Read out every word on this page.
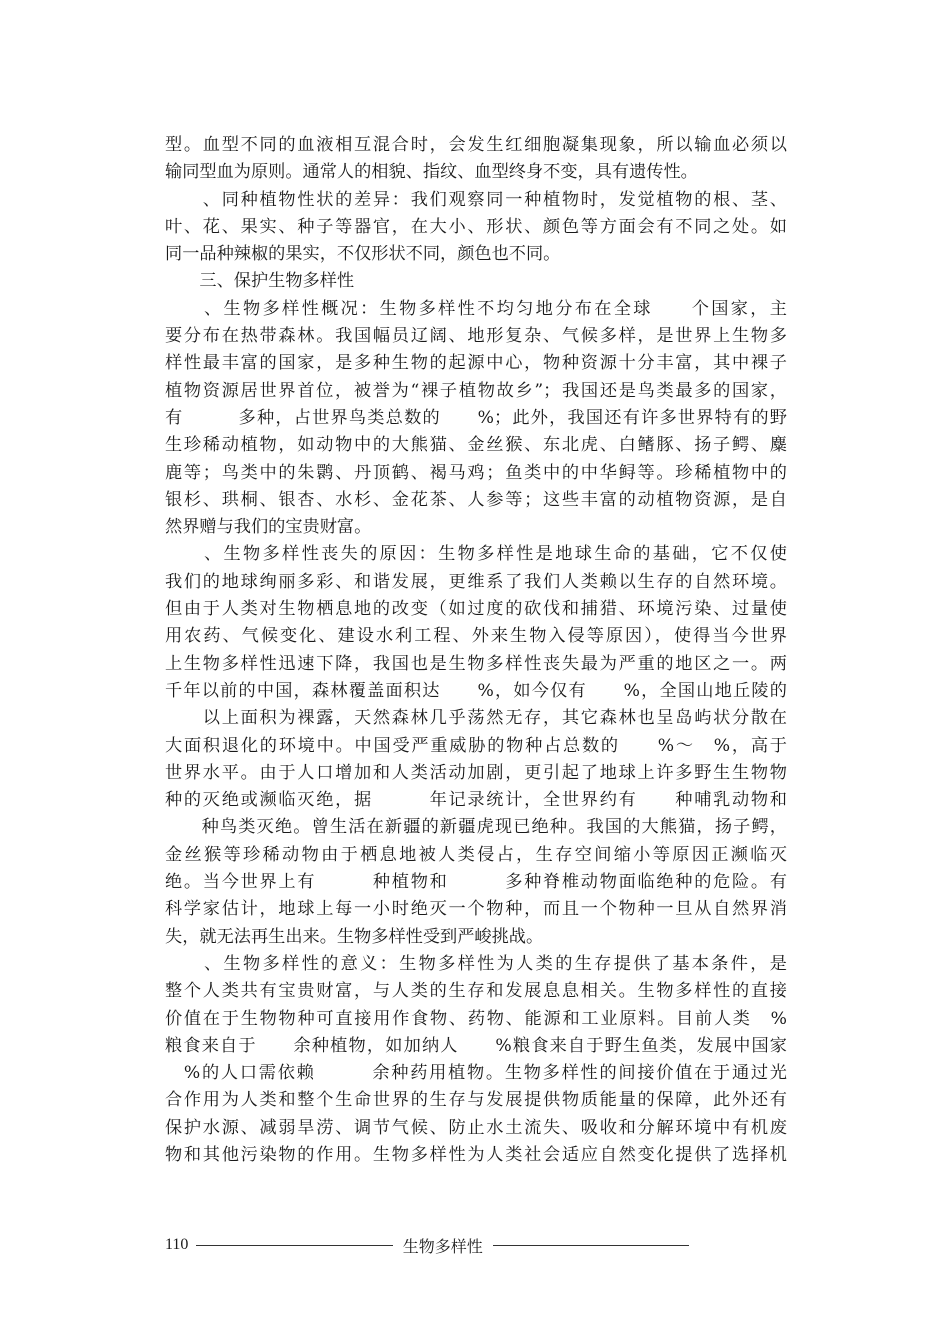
型。血型不同的血液相互混合时，会发生红细胞凝集现象，所以输血必须以
输同型血为原则。通常人的相貌、指纹、血型终身不变，具有遗传性。
　　、同种植物性状的差异：我们观察同一种植物时，发觉植物的根、茎、
叶、花、果实、种子等器官，在大小、形状、颜色等方面会有不同之处。如
同一品种辣椒的果实，不仅形状不同，颜色也不同。
　　三、保护生物多样性
　　、生物多样性概况：生物多样性不均匀地分布在全球　　个国家，主
要分布在热带森林。我国幅员辽阔、地形复杂、气候多样，是世界上生物多
样性最丰富的国家，是多种生物的起源中心，物种资源十分丰富，其中裸子
植物资源居世界首位，被誉为“裸子植物故乡”；我国还是鸟类最多的国家，
有　　　多种，占世界鸟类总数的　　%；此外，我国还有许多世界特有的野
生珍稀动植物，如动物中的大熊猫、金丝猴、东北虎、白鳍豚、扬子鳄、麋
鹿等；鸟类中的朱鹮、丹顶鹤、褐马鸡；鱼类中的中华鲟等。珍稀植物中的
银杉、珙桐、银杏、水杉、金花茶、人参等；这些丰富的动植物资源，是自
然界赠与我们的宝贵财富。
　　、生物多样性丧失的原因：生物多样性是地球生命的基础，它不仅使
我们的地球绚丽多彩、和谐发展，更维系了我们人类赖以生存的自然环境。
但由于人类对生物栖息地的改变（如过度的砍伐和捕猎、环境污染、过量使
用农药、气候变化、建设水利工程、外来生物入侵等原因），使得当今世界
上生物多样性迅速下降，我国也是生物多样性丧失最为严重的地区之一。两
千年以前的中国，森林覆盖面积达　　%，如今仅有　　%，全国山地丘陵的
　　以上面积为裸露，天然森林几乎荡然无存，其它森林也呈岛屿状分散在
大面积退化的环境中。中国受严重威胁的物种占总数的　　%～　%，高于
世界水平。由于人口增加和人类活动加剧，更引起了地球上许多野生生物物
种的灭绝或濒临灭绝，据　　　年记录统计，全世界约有　　种哺乳动物和
　　种鸟类灭绝。曾生活在新疆的新疆虎现已绝种。我国的大熊猫，扬子鳄，
金丝猴等珍稀动物由于栖息地被人类侵占，生存空间缩小等原因正濒临灭
绝。当今世界上有　　　种植物和　　　多种脊椎动物面临绝种的危险。有
科学家估计，地球上每一小时绝灭一个物种，而且一个物种一旦从自然界消
失，就无法再生出来。生物多样性受到严峻挑战。
　　、生物多样性的意义：生物多样性为人类的生存提供了基本条件，是
整个人类共有宝贵财富，与人类的生存和发展息息相关。生物多样性的直接
价值在于生物物种可直接用作食物、药物、能源和工业原料。目前人类　%
粮食来自于　　余种植物，如加纳人　　%粮食来自于野生鱼类，发展中国家
　%的人口需依赖　　　余种药用植物。生物多样性的间接价值在于通过光
合作用为人类和整个生命世界的生存与发展提供物质能量的保障，此外还有
保护水源、减弱旱涝、调节气候、防止水土流失、吸收和分解环境中有机废
物和其他污染物的作用。生物多样性为人类社会适应自然变化提供了选择机
110	生物多样性
